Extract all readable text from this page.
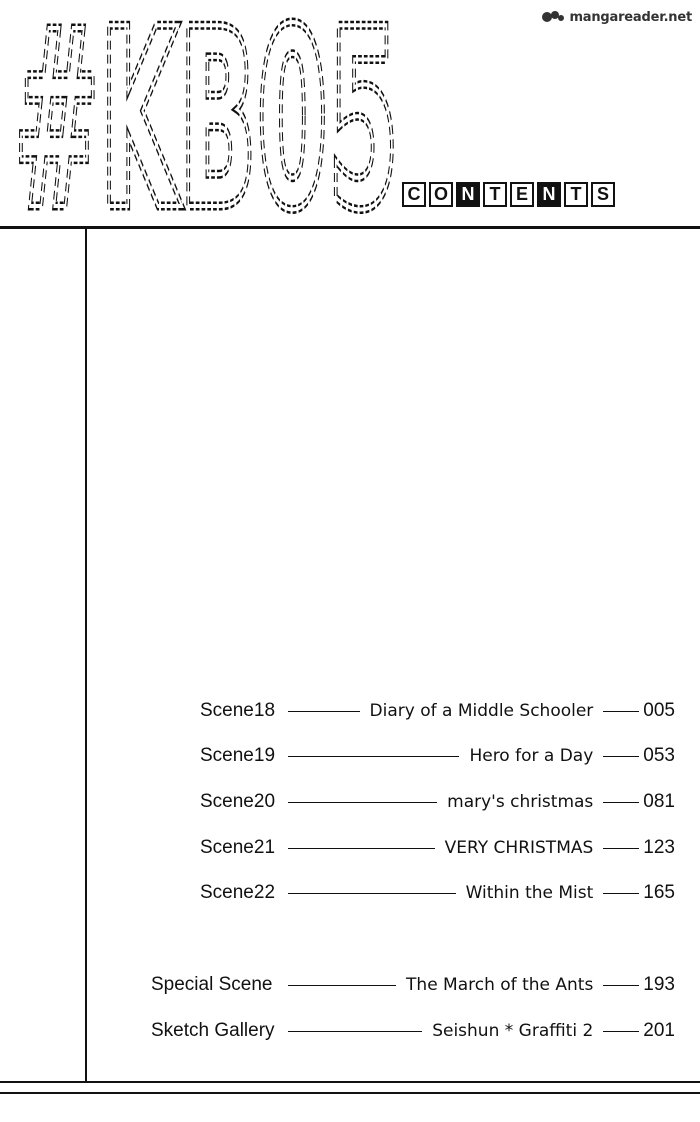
mangareader.net
#KB05
#KB05 C O N T E N T S
Scene18	Diary of a Middle Schooler	005
Scene19	Hero for a Day	053
Scene20	mary's christmas	081
Scene21	VERY CHRISTMAS	123
Scene22	Within the Mist	165
Special Scene	The March of the Ants	193
Sketch Gallery	Seishun * Graffiti 2	201
